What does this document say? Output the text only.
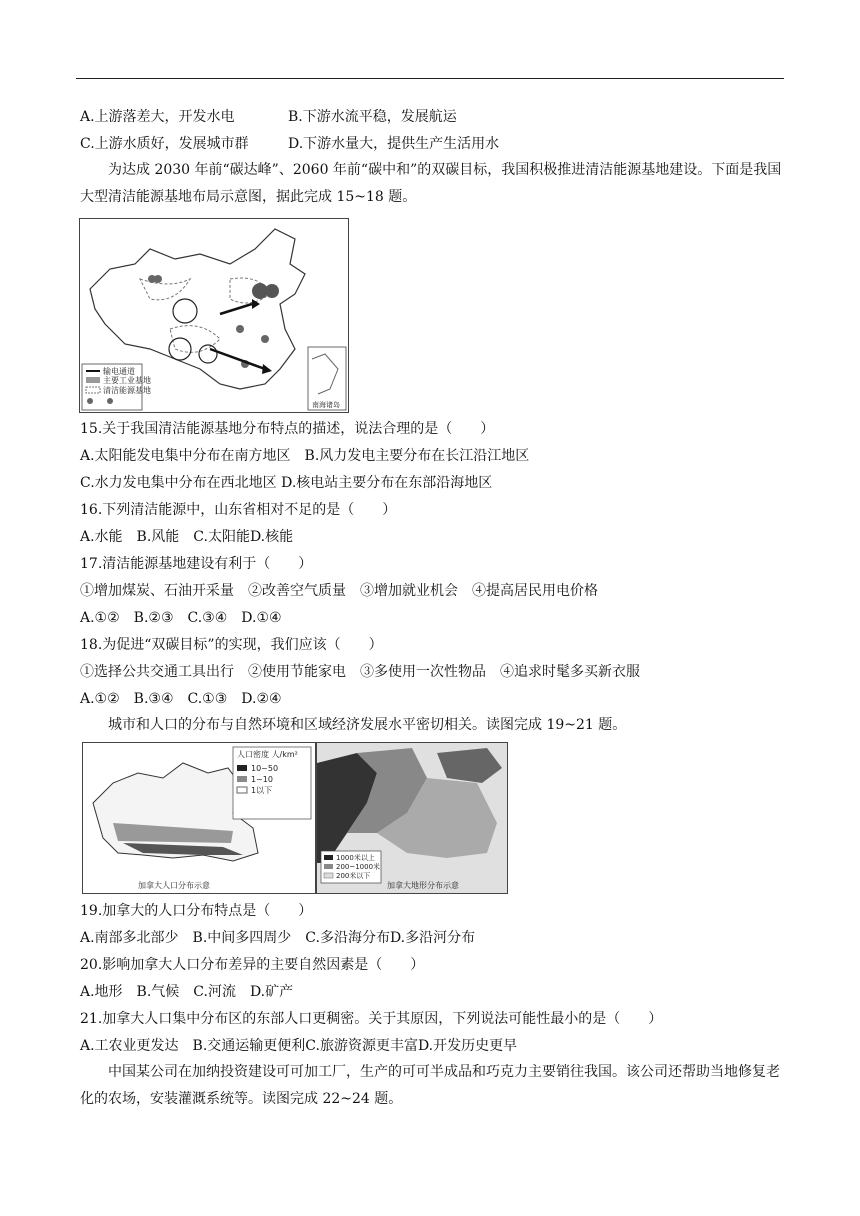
A.上游落差大，开发水电	B.下游水流平稳，发展航运
C.上游水质好，发展城市群	D.下游水量大，提供生产生活用水
为达成 2030 年前“碳达峰”、2060 年前“碳中和”的双碳目标，我国积极推进清洁能源基地建设。下面是我国大型清洁能源基地布局示意图，据此完成 15~18 题。
输电通道
主要工业基地
清洁能源基地
南海诸岛
15.关于我国清洁能源基地分布特点的描述，说法合理的是（　　）
A.太阳能发电集中分布在南方地区　B.风力发电主要分布在长江沿江地区
C.水力发电集中分布在西北地区 D.核电站主要分布在东部沿海地区
16.下列清洁能源中，山东省相对不足的是（　　）
A.水能　B.风能　C.太阳能D.核能
17.清洁能源基地建设有利于（　　）
①增加煤炭、石油开采量　②改善空气质量　③增加就业机会　④提高居民用电价格
A.①②　B.②③　C.③④　D.①④
18.为促进“双碳目标”的实现，我们应该（　　）
①选择公共交通工具出行　②使用节能家电　③多使用一次性物品　④追求时髦多买新衣服
A.①②　B.③④　C.①③　D.②④
城市和人口的分布与自然环境和区域经济发展水平密切相关。读图完成 19~21 题。
人口密度 人/km²
10~50
1~10
1以下
加拿大人口分布示意
1000米以上
200~1000米
200米以下
加拿大地形分布示意
19.加拿大的人口分布特点是（　　）
A.南部多北部少　B.中间多四周少　C.多沿海分布D.多沿河分布
20.影响加拿大人口分布差异的主要自然因素是（　　）
A.地形　B.气候　C.河流　D.矿产
21.加拿大人口集中分布区的东部人口更稠密。关于其原因，下列说法可能性最小的是（　　）
A.工农业更发达　B.交通运输更便利C.旅游资源更丰富D.开发历史更早
中国某公司在加纳投资建设可可加工厂，生产的可可半成品和巧克力主要销往我国。该公司还帮助当地修复老化的农场，安装灌溉系统等。读图完成 22~24 题。
